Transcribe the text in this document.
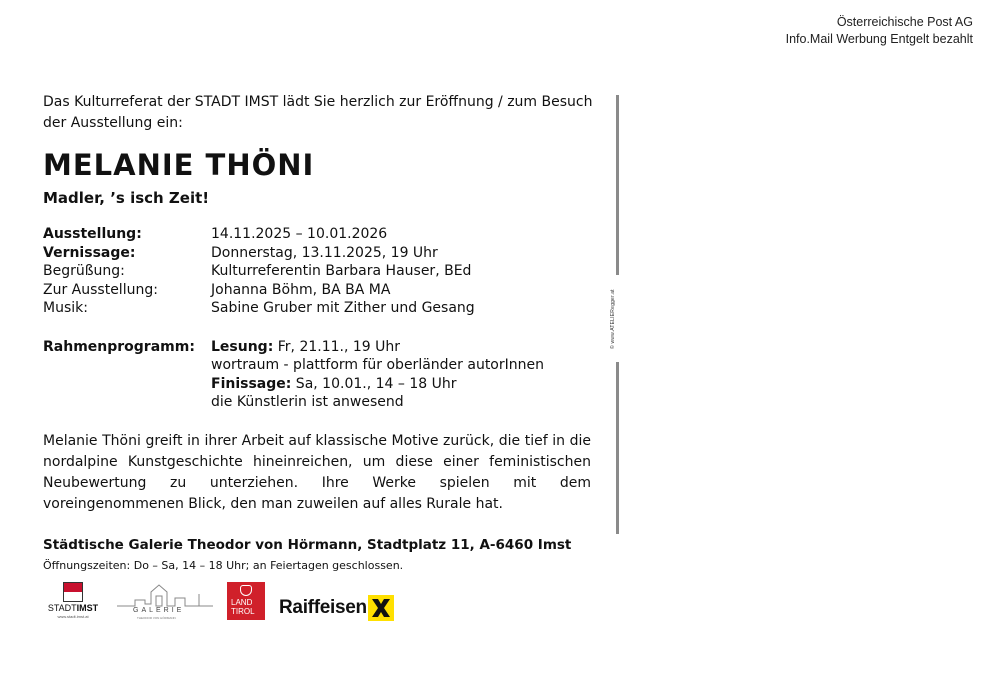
Österreichische Post AG
Info.Mail Werbung Entgelt bezahlt
© www.ATELIERegger.at

Das Kulturreferat der STADT IMST lädt Sie herzlich zur Eröffnung / zum Besuch der Ausstellung ein:

MELANIE THÖNI
Madler, ’s isch Zeit!
Ausstellung:	14.11.2025 – 10.01.2026
Vernissage:	Donnerstag, 13.11.2025, 19 Uhr
Begrüßung:	Kulturreferentin Barbara Hauser, BEd
Zur Ausstellung:	Johanna Böhm, BA BA MA
Musik:	Sabine Gruber mit Zither und Gesang
Rahmenprogramm:	Lesung: Fr, 21.11., 19 Uhr
wortraum - plattform für oberländer autorInnen
Finissage: Sa, 10.01., 14 – 18 Uhr
die Künstlerin ist anwesend

Melanie Thöni greift in ihrer Arbeit auf klassische Motive zurück, die tief in die nordalpine Kunstgeschichte hineinreichen, um diese einer feministischen Neubewertung zu unterziehen. Ihre Werke spielen mit dem voreingenommenen Blick, den man zuweilen auf alles Rurale hat.

Städtische Galerie Theodor von Hörmann, Stadtplatz 11, A-6460 Imst

Öffnungszeiten: Do – Sa, 14 – 18 Uhr; an Feiertagen geschlossen.

STADTIMST
www.stadt.imst.at
GALERIE
THEODOR VON HÖRMANN
LAND
TIROL	Raiffeisen
